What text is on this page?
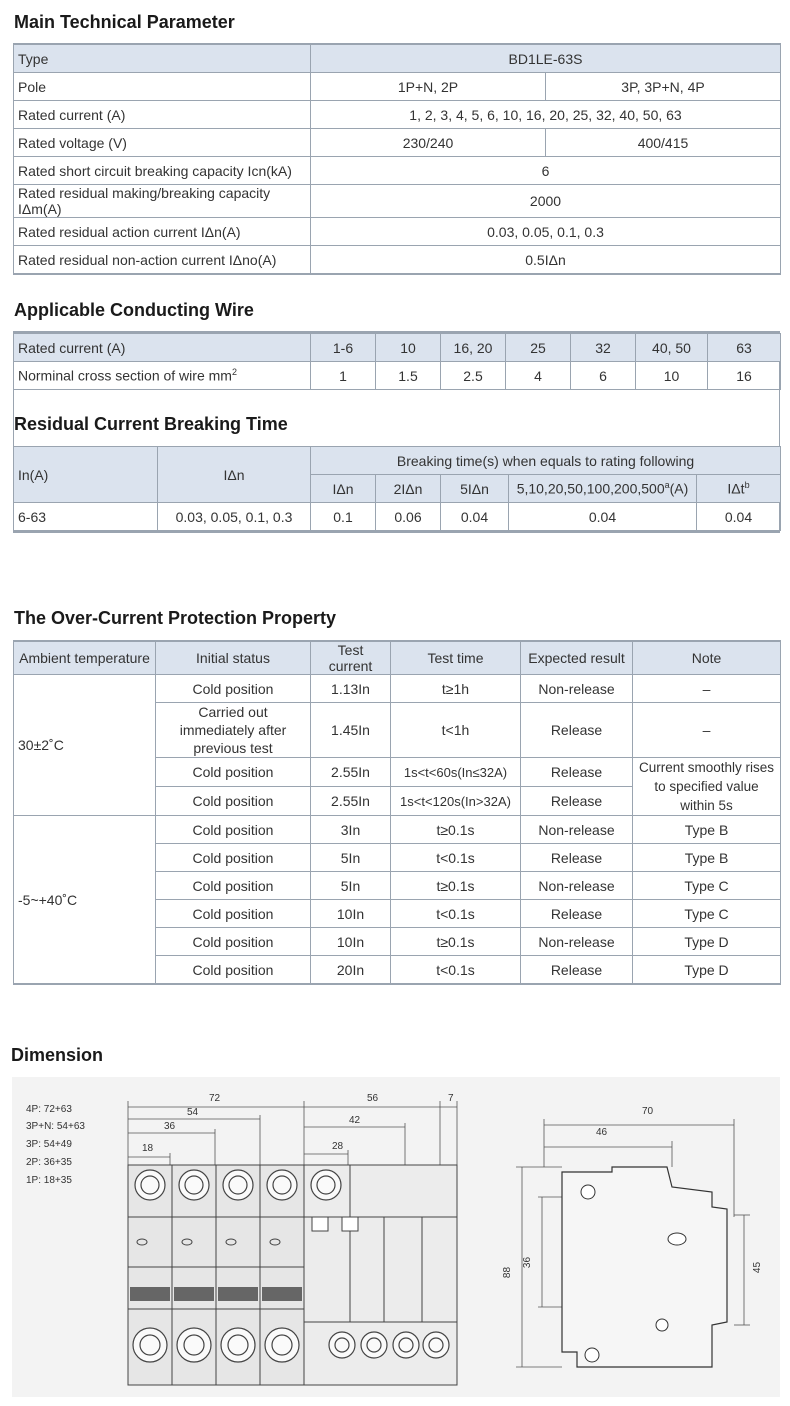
Main Technical Parameter
Type	BD1LE-63S	
Pole	1P+N, 2P	3P, 3P+N, 4P
Rated current (A)	1, 2, 3, 4, 5, 6, 10, 16, 20, 25, 32, 40, 50, 63	
Rated voltage (V)	230/240	400/415
Rated short circuit breaking capacity Icn(kA)	6	
Rated residual making/breaking capacity IΔm(A)	2000	
Rated residual action current IΔn(A)	0.03, 0.05, 0.1, 0.3	
Rated residual non-action current IΔno(A)	0.5IΔn	
Applicable Conducting Wire
Rated current (A)	1-6	10	16, 20	25	32	40, 50	63
Norminal cross section of wire $mm^2$	1	1.5	2.5	4	6	10	16
Residual Current Breaking Time
In(A)	IΔn	Breaking time(s) when equals to rating following				
		IΔn	2IΔn	5IΔn	5,10,20,50,100,200,500$^a$(A)	IΔt$^b$
6-63	0.03, 0.05, 0.1, 0.3	0.1	0.06	0.04	0.04	0.04
The Over-Current Protection Property
Ambient temperature	Initial status	Test current	Test time	Expected result	Note
30±2˚C	Cold position	1.13In	t≥1h	Non-release	–
	Carried out immediately after previous test	1.45In	t<1h	Release	–
	Cold position	2.55In	1s<t<60s(In≤32A)	Release	Current smoothly rises to specified value within 5s
	Cold position	2.55In	1s<t<120s(In>32A)	Release	
-5~+40˚C	Cold position	3In	t≥0.1s	Non-release	Type B
	Cold position	5In	t<0.1s	Release	Type B
	Cold position	5In	t≥0.1s	Non-release	Type C
	Cold position	10In	t<0.1s	Release	Type C
	Cold position	10In	t≥0.1s	Non-release	Type D
	Cold position	20In	t<0.1s	Release	Type D
Dimension
4P: 72+63
3P+N: 54+63
3P: 54+49
2P: 36+35
1P: 18+35
72	56	7
54
42
36
28
18
70
46
88
36	45
